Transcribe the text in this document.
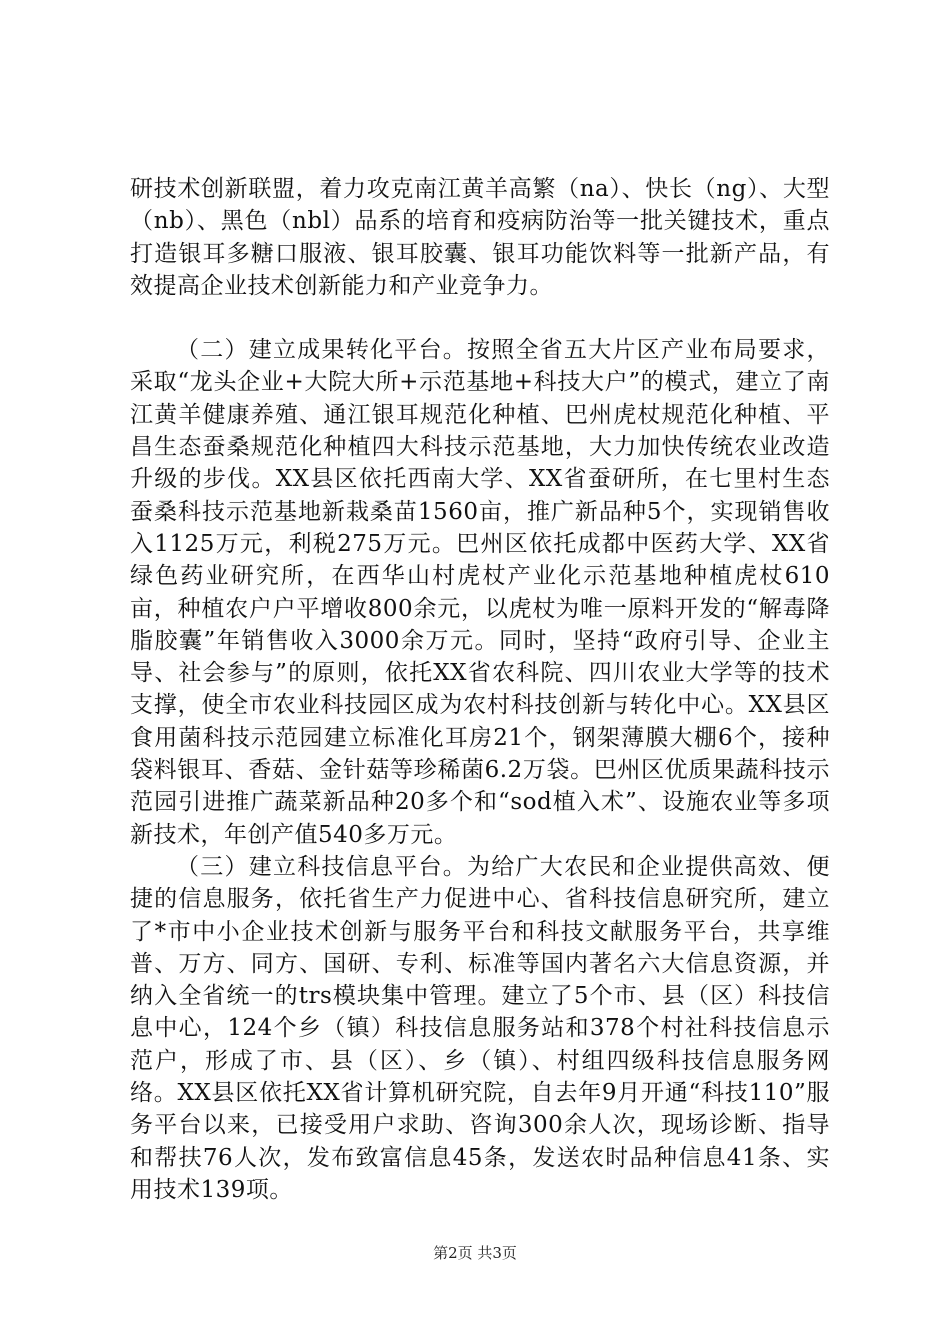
研技术创新联盟，着力攻克南江黄羊高繁（na）、快长（ng）、大型（nb）、黑色（nbl）品系的培育和疫病防治等一批关键技术，重点打造银耳多糖口服液、银耳胶囊、银耳功能饮料等一批新产品，有效提高企业技术创新能力和产业竞争力。

（二）建立成果转化平台。按照全省五大片区产业布局要求，采取“龙头企业+大院大所+示范基地+科技大户”的模式，建立了南江黄羊健康养殖、通江银耳规范化种植、巴州虎杖规范化种植、平昌生态蚕桑规范化种植四大科技示范基地，大力加快传统农业改造升级的步伐。XX县区依托西南大学、XX省蚕研所，在七里村生态蚕桑科技示范基地新栽桑苗1560亩，推广新品种5个，实现销售收入1125万元，利税275万元。巴州区依托成都中医药大学、XX省绿色药业研究所，在西华山村虎杖产业化示范基地种植虎杖610亩，种植农户户平增收800余元，以虎杖为唯一原料开发的“解毒降脂胶囊”年销售收入3000余万元。同时，坚持“政府引导、企业主导、社会参与”的原则，依托XX省农科院、四川农业大学等的技术支撑，使全市农业科技园区成为农村科技创新与转化中心。XX县区食用菌科技示范园建立标准化耳房21个，钢架薄膜大棚6个，接种袋料银耳、香菇、金针菇等珍稀菌6.2万袋。巴州区优质果蔬科技示范园引进推广蔬菜新品种20多个和“sod植入术”、设施农业等多项新技术，年创产值540多万元。

（三）建立科技信息平台。为给广大农民和企业提供高效、便捷的信息服务，依托省生产力促进中心、省科技信息研究所，建立了*市中小企业技术创新与服务平台和科技文献服务平台，共享维普、万方、同方、国研、专利、标准等国内著名六大信息资源，并纳入全省统一的trs模块集中管理。建立了5个市、县（区）科技信息中心，124个乡（镇）科技信息服务站和378个村社科技信息示范户，形成了市、县（区）、乡（镇）、村组四级科技信息服务网络。XX县区依托XX省计算机研究院，自去年9月开通“科技110”服务平台以来，已接受用户求助、咨询300余人次，现场诊断、指导和帮扶76人次，发布致富信息45条，发送农时品种信息41条、实用技术139项。

第2页 共3页
